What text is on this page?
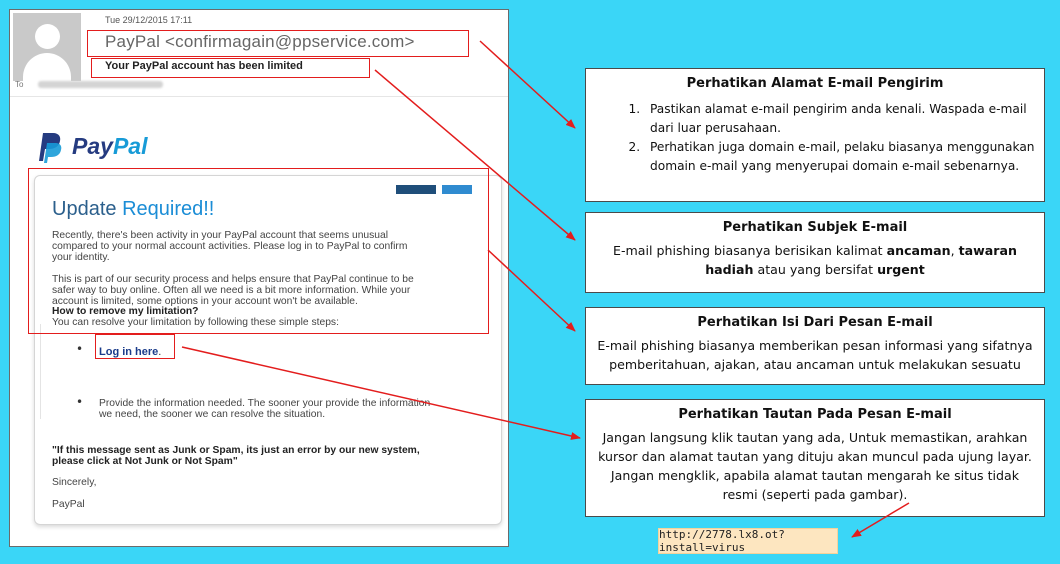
Tue 29/12/2015 17:11
PayPal <confirmagain@ppservice.com>
Your PayPal account has been limited
To
PayPal
Update Required!!

Recently, there's been activity in your PayPal account that seems unusual
compared to your normal account activities. Please log in to PayPal to confirm
your identity.

This is part of our security process and helps ensure that PayPal continue to be
safer way to buy online. Often all we need is a bit more information. While your
account is limited, some options in your account won't be available.
How to remove my limitation?
You can resolve your limitation by following these simple steps:

• Log in here.
• Provide the information needed. The sooner your provide the information
we need, the sooner we can resolve the situation.

"If this message sent as Junk or Spam, its just an error by our new system,
please click at Not Junk or Not Spam"

Sincerely,

PayPal

Perhatikan Alamat E-mail Pengirim
1. Pastikan alamat e-mail pengirim anda kenali. Waspada e-mail dari luar perusahaan.
2. Perhatikan juga domain e-mail, pelaku biasanya menggunakan domain e-mail yang menyerupai domain e-mail sebenarnya.
Perhatikan Subjek E-mail

E-mail phishing biasanya berisikan kalimat ancaman, tawaran hadiah atau yang bersifat urgent

Perhatikan Isi Dari Pesan E-mail

E-mail phishing biasanya memberikan pesan informasi yang sifatnya pemberitahuan, ajakan, atau ancaman untuk melakukan sesuatu

Perhatikan Tautan Pada Pesan E-mail

Jangan langsung klik tautan yang ada, Untuk memastikan, arahkan kursor dan alamat tautan yang dituju akan muncul pada ujung layar. Jangan mengklik, apabila alamat tautan mengarah ke situs tidak resmi (seperti pada gambar).

http://2778.lx8.ot?install=virus
